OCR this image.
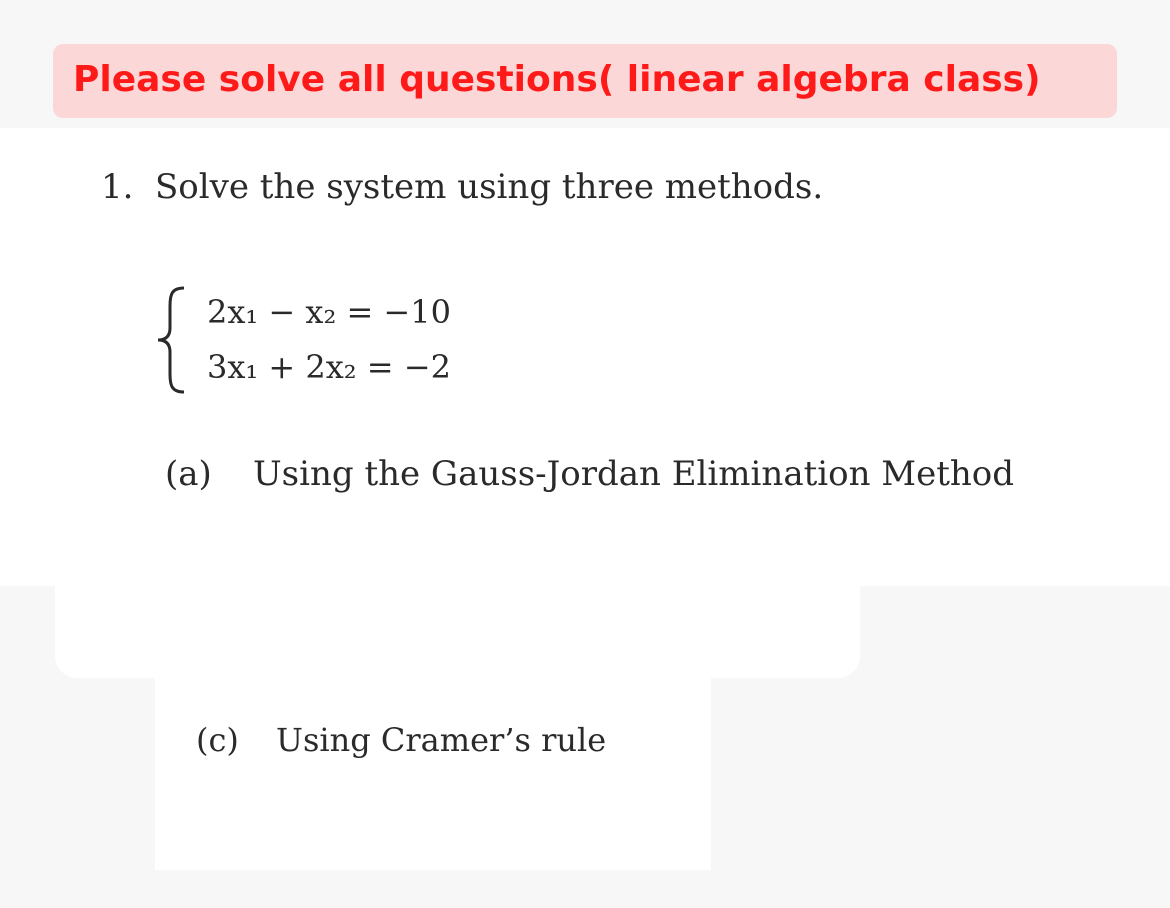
Please solve all questions( linear algebra class)
1. Solve the system using three methods.
2x₁ − x₂ = −10
3x₁ + 2x₂ = −2
(a) Using the Gauss-Jordan Elimination Method
(c) Using Cramer’s rule
